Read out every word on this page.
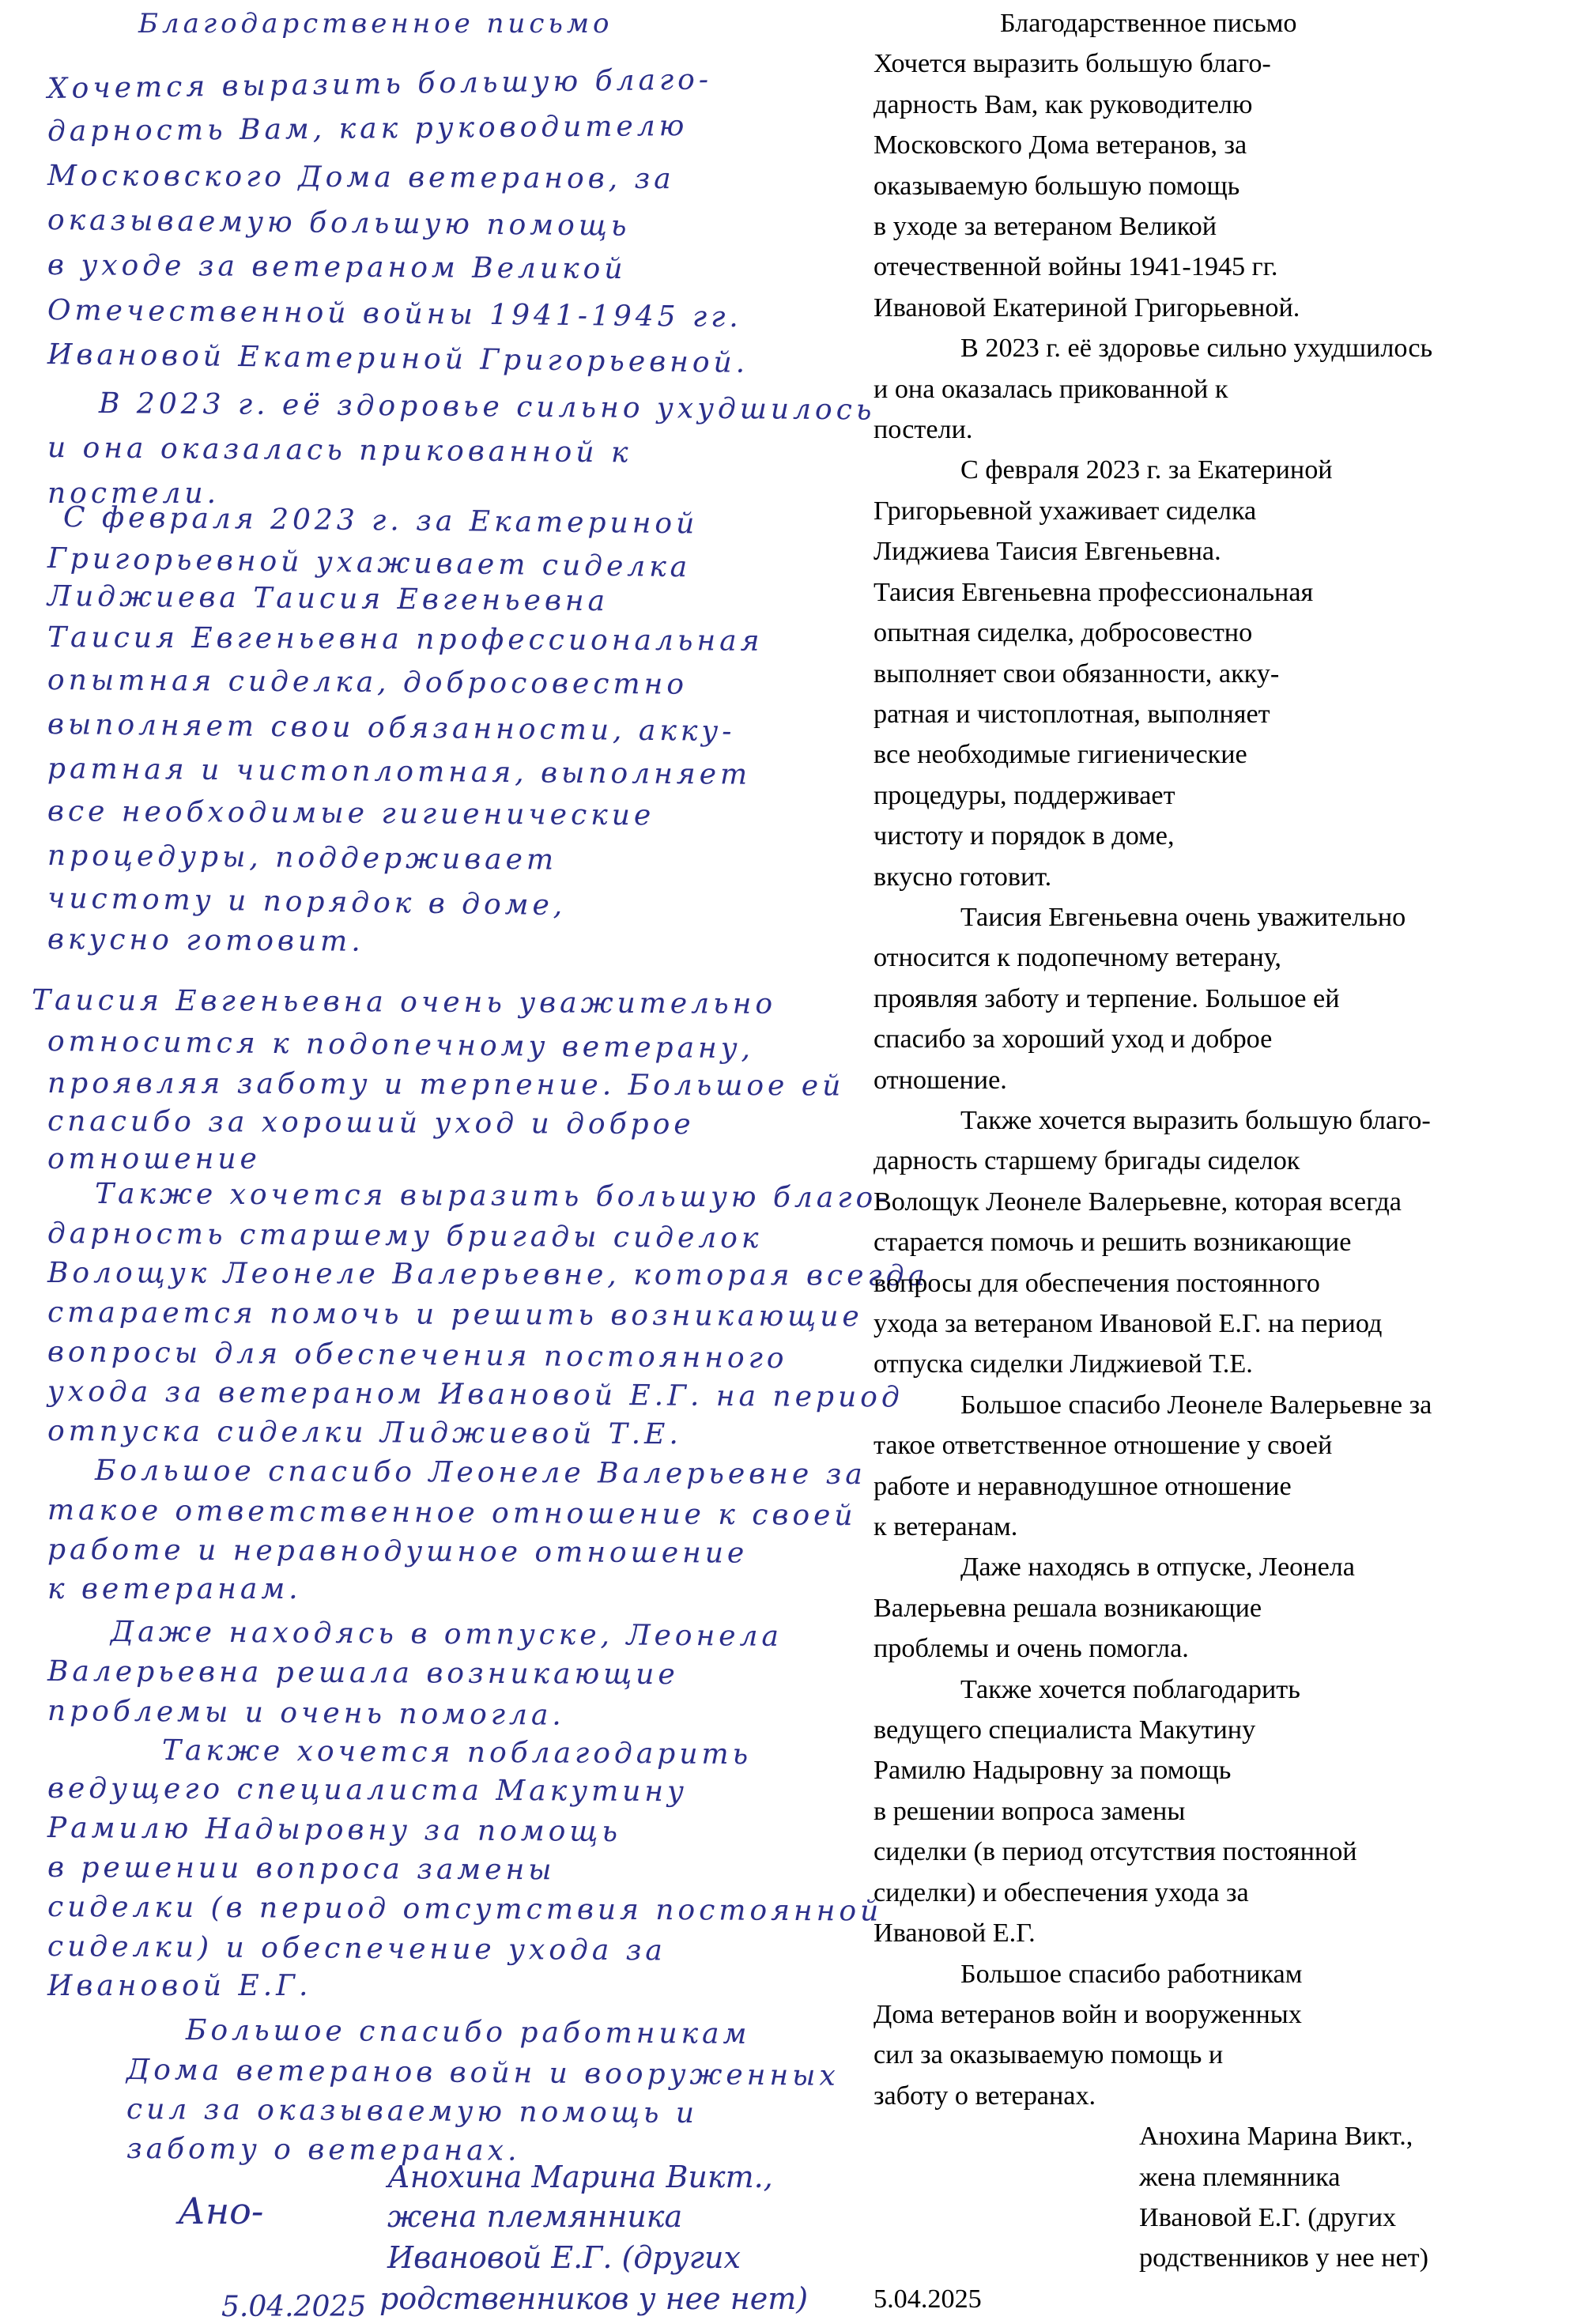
Благодарственное письмо
Хочется выразить большую благо-
дарность Вам, как руководителю
Московского Дома ветеранов, за
оказываемую большую помощь
в уходе за ветераном Великой
Отечественной войны 1941-1945 гг.
Ивановой Екатериной Григорьевной.
В 2023 г. её здоровье сильно ухудшилось
и она оказалась прикованной к
постели.
С февраля 2023 г. за Екатериной
Григорьевной ухаживает сиделка
Лиджиева Таисия Евгеньевна
Таисия Евгеньевна профессиональная
опытная сиделка, добросовестно
выполняет свои обязанности, акку-
ратная и чистоплотная, выполняет
все необходимые гигиенические
процедуры, поддерживает
чистоту и порядок в доме,
вкусно готовит.
Таисия Евгеньевна очень уважительно
относится к подопечному ветерану,
проявляя заботу и терпение. Большое ей
спасибо за хороший уход и доброе
отношение
Также хочется выразить большую благо-
дарность старшему бригады сиделок
Волощук Леонеле Валерьевне, которая всегда
старается помочь и решить возникающие
вопросы для обеспечения постоянного
ухода за ветераном Ивановой Е.Г. на период
отпуска сиделки Лиджиевой Т.Е.
Большое спасибо Леонеле Валерьевне за
такое ответственное отношение к своей
работе и неравнодушное отношение
к ветеранам.
Даже находясь в отпуске, Леонела
Валерьевна решала возникающие
проблемы и очень помогла.
Также хочется поблагодарить
ведущего специалиста Макутину
Рамилю Надыровну за помощь
в решении вопроса замены
сиделки (в период отсутствия постоянной
сиделки) и обеспечение ухода за
Ивановой Е.Г.
Большое спасибо работникам
Дома ветеранов войн и вооруженных
сил за оказываемую помощь и
заботу о ветеранах.
Ано-
Анохина Марина Викт.,
жена племянника
Ивановой Е.Г. (других
родственников у нее нет)
5.04.2025
Благодарственное письмо
Хочется выразить большую благо-
дарность Вам, как руководителю
Московского Дома ветеранов, за
оказываемую большую помощь
в уходе за ветераном Великой
отечественной войны 1941-1945 гг.
Ивановой Екатериной Григорьевной.
В 2023 г. её здоровье сильно ухудшилось
и она оказалась прикованной к
постели.
С февраля 2023 г. за Екатериной
Григорьевной ухаживает сиделка
Лиджиева Таисия Евгеньевна.
Таисия Евгеньевна профессиональная
опытная сиделка, добросовестно
выполняет свои обязанности, акку-
ратная и чистоплотная, выполняет
все необходимые гигиенические
процедуры, поддерживает
чистоту и порядок в доме,
вкусно готовит.
Таисия Евгеньевна очень уважительно
относится к подопечному ветерану,
проявляя заботу и терпение. Большое ей
спасибо за хороший уход и доброе
отношение.
Также хочется выразить большую благо-
дарность старшему бригады сиделок
Волощук Леонеле Валерьевне, которая всегда
старается помочь и решить возникающие
вопросы для обеспечения постоянного
ухода за ветераном Ивановой Е.Г. на период
отпуска сиделки Лиджиевой Т.Е.
Большое спасибо Леонеле Валерьевне за
такое ответственное отношение у своей
работе и неравнодушное отношение
к ветеранам.
Даже находясь в отпуске, Леонела
Валерьевна решала возникающие
проблемы и очень помогла.
Также хочется поблагодарить
ведущего специалиста Макутину
Рамилю Надыровну за помощь
в решении вопроса замены
сиделки (в период отсутствия постоянной
сиделки) и обеспечения ухода за
Ивановой Е.Г.
Большое спасибо работникам
Дома ветеранов войн и вооруженных
сил за оказываемую помощь и
заботу о ветеранах.
Анохина Марина Викт.,
жена племянника
Ивановой Е.Г. (других
родственников у нее нет)
5.04.2025
